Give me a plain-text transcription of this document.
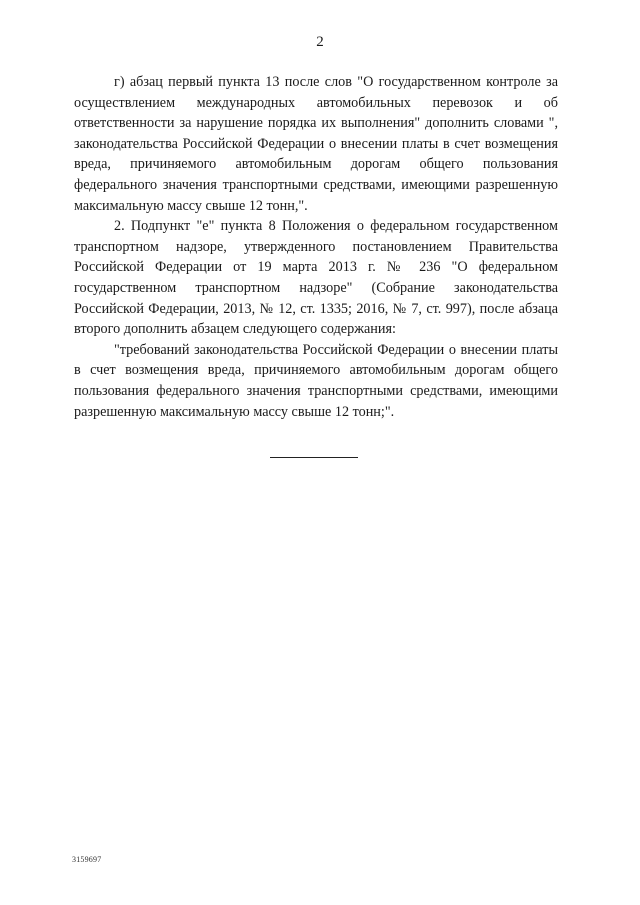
2

г) абзац первый пункта 13 после слов "О государственном контроле за осуществлением международных автомобильных перевозок и об ответственности за нарушение порядка их выполнения" дополнить словами ", законодательства Российской Федерации о внесении платы в счет возмещения вреда, причиняемого автомобильным дорогам общего пользования федерального значения транспортными средствами, имеющими разрешенную максимальную массу свыше 12 тонн,".

2. Подпункт "е" пункта 8 Положения о федеральном государственном транспортном надзоре, утвержденного постановлением Правительства Российской Федерации от 19 марта 2013 г. № 236 "О федеральном государственном транспортном надзоре" (Собрание законодательства Российской Федерации, 2013, № 12, ст. 1335; 2016, № 7, ст. 997), после абзаца второго дополнить абзацем следующего содержания:

"требований законодательства Российской Федерации о внесении платы в счет возмещения вреда, причиняемого автомобильным дорогам общего пользования федерального значения транспортными средствами, имеющими разрешенную максимальную массу свыше 12 тонн;".

3159697
